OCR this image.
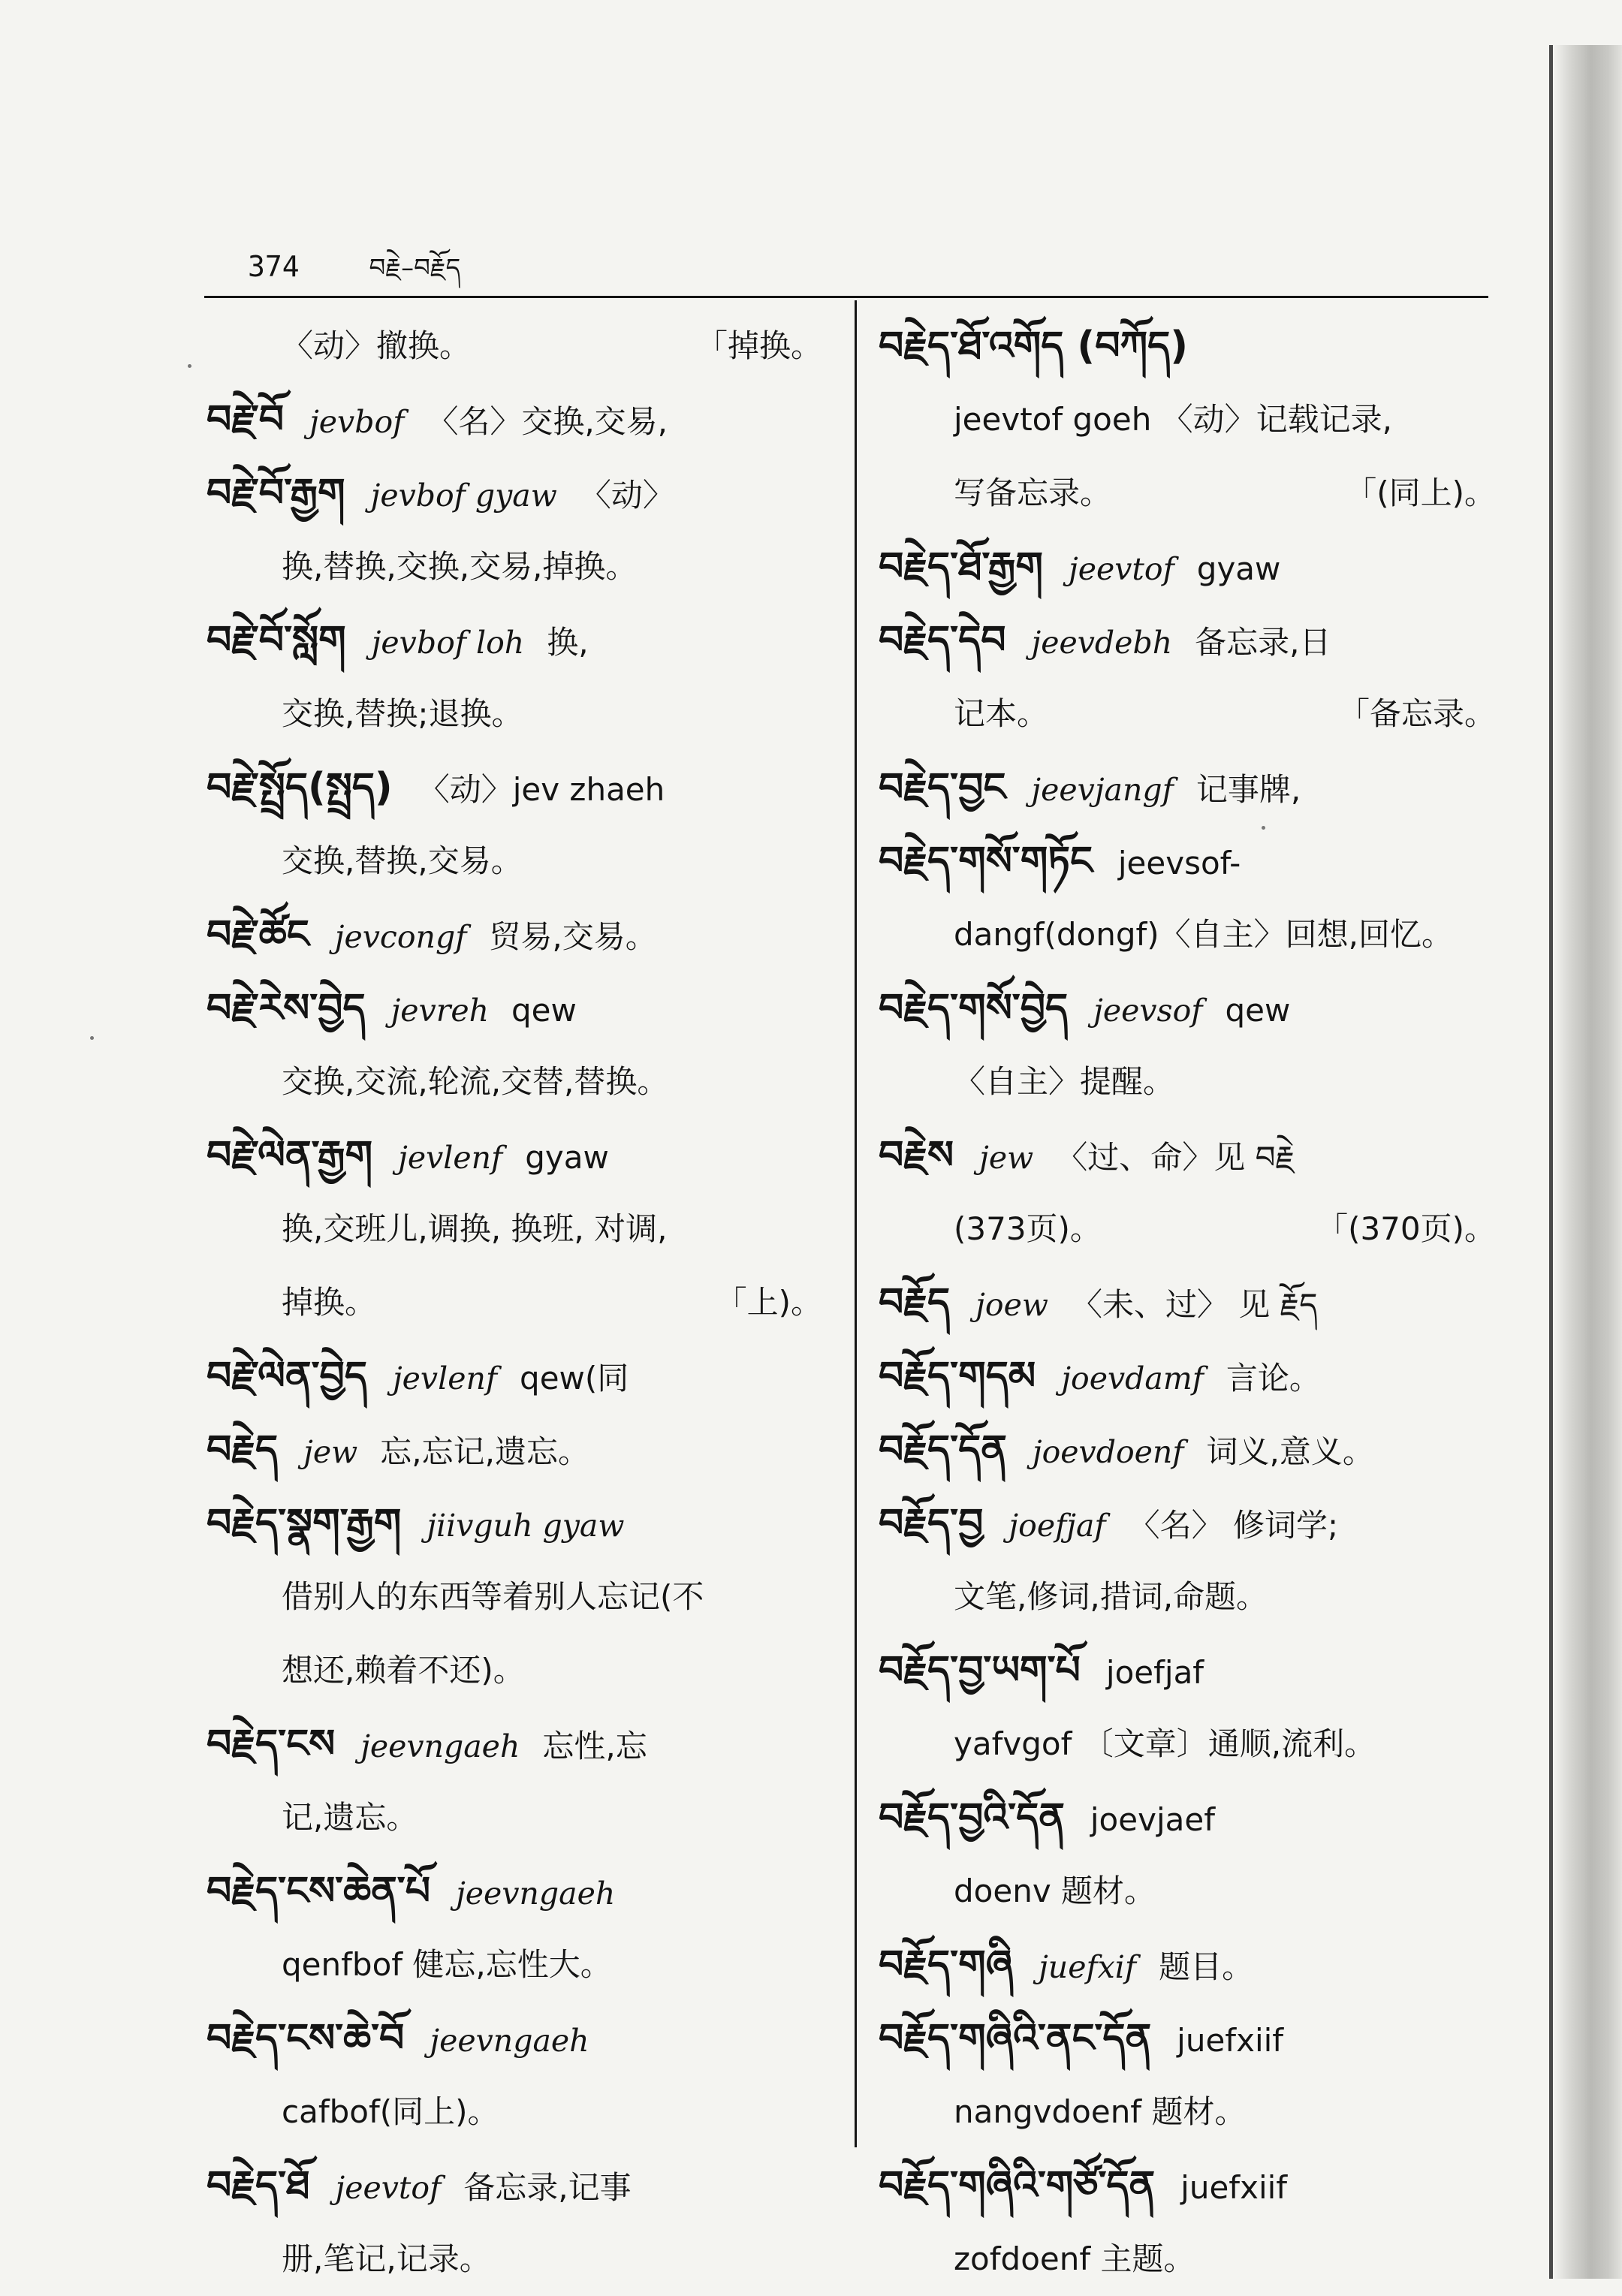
374	བརྗེ–བརྗོད
〈动〉撤换。	「掉换。
བརྗེ་བོ jevbof 〈名〉交换,交易,
བརྗེ་བོ་རྒྱག jevbof gyaw 〈动〉
换,替换,交换,交易,掉换。
བརྗེ་བོ་སློག jevbof loh 换,
交换,替换;退换。
བརྗེ་སྤྲོད(སྤྲད) 〈动〉jev zhaeh
交换,替换,交易。
བརྗེ་ཚོང jevcongf 贸易,交易。
བརྗེ་རེས་བྱེད jevreh qew
交换,交流,轮流,交替,替换。
བརྗེ་ལེན་རྒྱག jevlenf gyaw
换,交班儿,调换, 换班, 对调,
掉换。	「上)。
བརྗེ་ལེན་བྱེད jevlenf qew(同
བརྗེད jew 忘,忘记,遗忘。
བརྗེད་སྣག་རྒྱག jiivguh gyaw
借别人的东西等着别人忘记(不
想还,赖着不还)。
བརྗེད་ངས jeevngaeh 忘性,忘
记,遗忘。
བརྗེད་ངས་ཆེན་པོ jeevngaeh
qenfbof 健忘,忘性大。
བརྗེད་ངས་ཆེ་བོ jeevngaeh
cafbof(同上)。
བརྗེད་ཐོ jeevtof 备忘录,记事
册,笔记,记录。
བརྗེད་ཐོ་འགོད (བཀོད)
jeevtof goeh 〈动〉记载记录,
写备忘录。	「(同上)。
བརྗེད་ཐོ་རྒྱག jeevtof gyaw
བརྗེད་དེབ jeevdebh 备忘录,日
记本。	「备忘录。
བརྗེད་བྱང jeevjangf 记事牌,
བརྗེད་གསོ་གཏོང jeevsof-
dangf(dongf)〈自主〉回想,回忆。
བརྗེད་གསོ་བྱེད jeevsof qew
〈自主〉提醒。
བརྗེས jew 〈过、命〉见 བརྗེ
(373页)。	「(370页)。
བརྗོད joew 〈未、过〉 见 རྗོད
བརྗོད་གདམ joevdamf 言论。
བརྗོད་དོན joevdoenf 词义,意义。
བརྗོད་བྱ joefjaf 〈名〉 修词学;
文笔,修词,措词,命题。
བརྗོད་བྱ་ཡག་པོ joefjaf
yafvgof 〔文章〕通顺,流利。
བརྗོད་བྱའི་དོན joevjaef
doenv 题材。
བརྗོད་གཞི juefxif 题目。
བརྗོད་གཞིའི་ནང་དོན juefxiif
nangvdoenf 题材。
བརྗོད་གཞིའི་གཙོ་དོན juefxiif
zofdoenf 主题。
